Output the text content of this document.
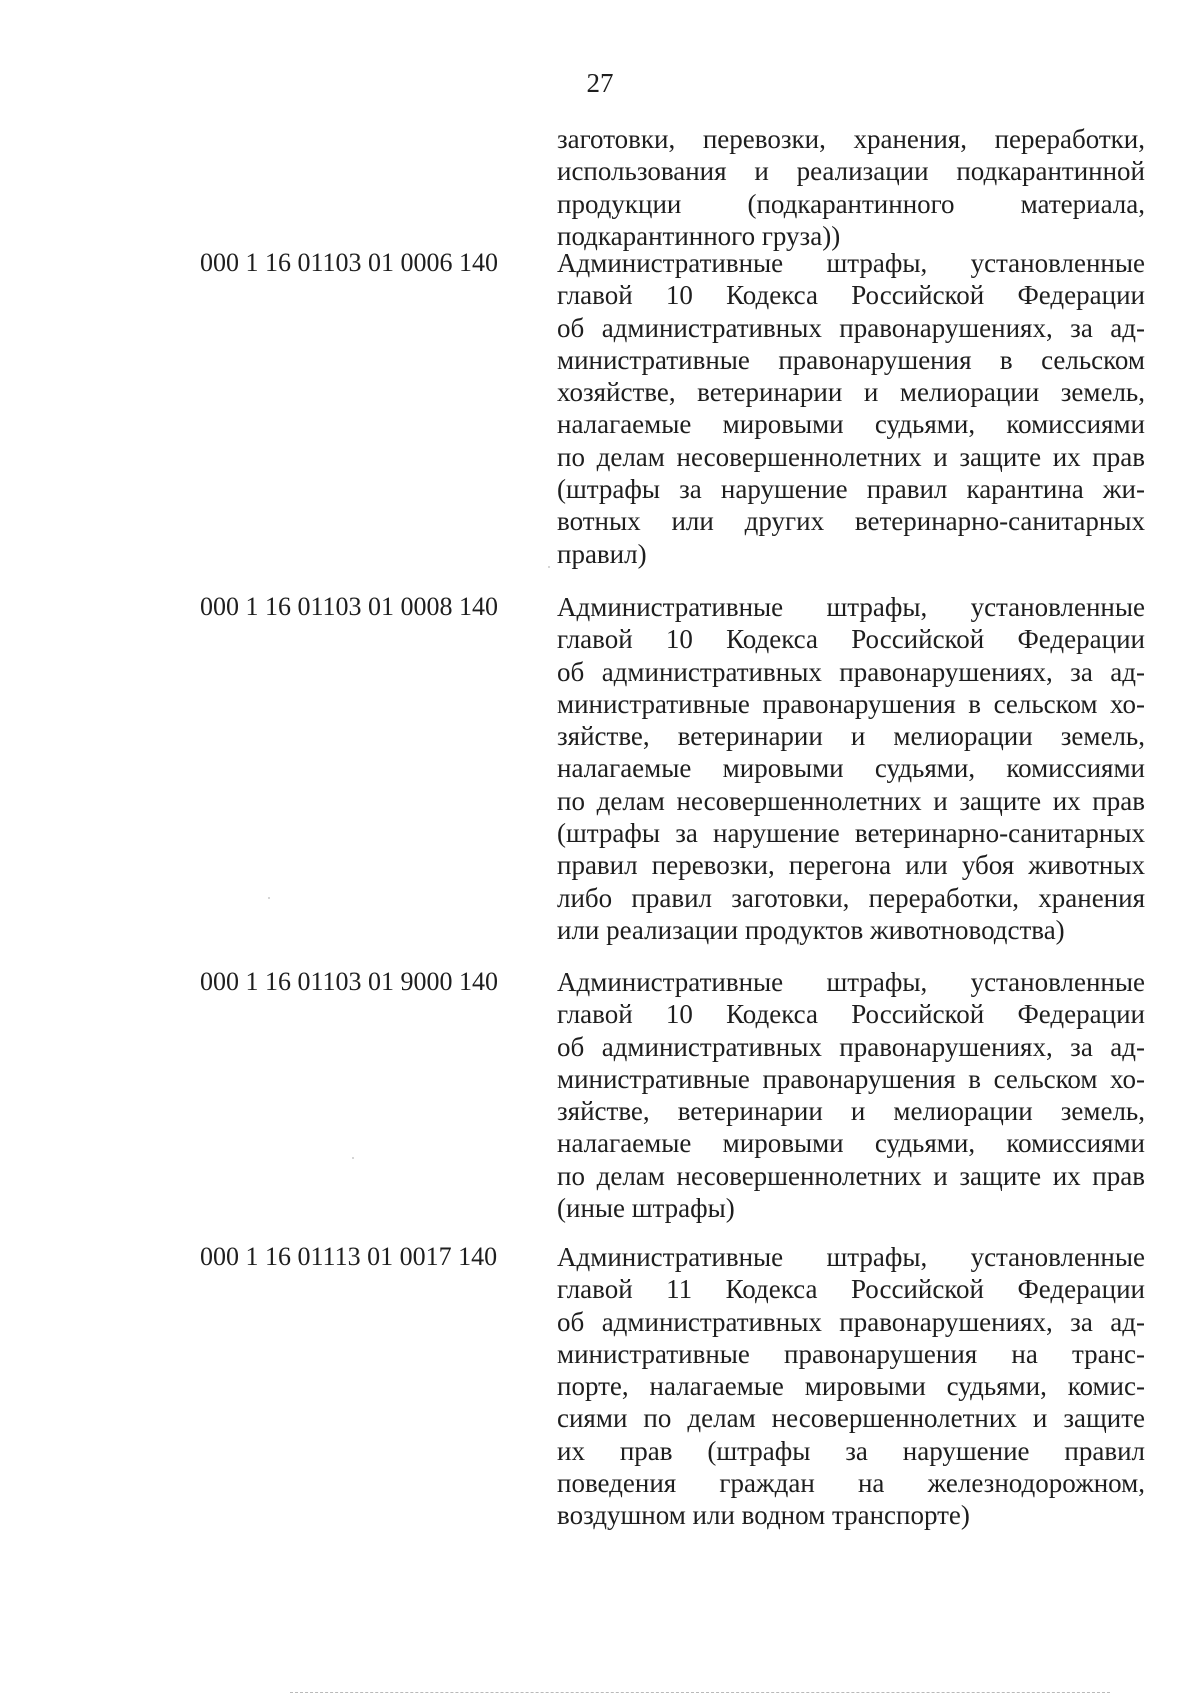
27
заготовки, перевозки, хранения, переработки,
использования и реализации подкарантинной
продукции (подкарантинного материала,
подкарантинного груза))
000 1 16 01103 01 0006 140	Административные штрафы, установленные
главой 10 Кодекса Российской Федерации
об административных правонарушениях, за ад-
министративные правонарушения в сельском
хозяйстве, ветеринарии и мелиорации земель,
налагаемые мировыми судьями, комиссиями
по делам несовершеннолетних и защите их прав
(штрафы за нарушение правил карантина жи-
вотных или других ветеринарно-санитарных
правил)
000 1 16 01103 01 0008 140	Административные штрафы, установленные
главой 10 Кодекса Российской Федерации
об административных правонарушениях, за ад-
министративные правонарушения в сельском хо-
зяйстве, ветеринарии и мелиорации земель,
налагаемые мировыми судьями, комиссиями
по делам несовершеннолетних и защите их прав
(штрафы за нарушение ветеринарно-санитарных
правил перевозки, перегона или убоя животных
либо правил заготовки, переработки, хранения
или реализации продуктов животноводства)
000 1 16 01103 01 9000 140	Административные штрафы, установленные
главой 10 Кодекса Российской Федерации
об административных правонарушениях, за ад-
министративные правонарушения в сельском хо-
зяйстве, ветеринарии и мелиорации земель,
налагаемые мировыми судьями, комиссиями
по делам несовершеннолетних и защите их прав
(иные штрафы)
000 1 16 01113 01 0017 140	Административные штрафы, установленные
главой 11 Кодекса Российской Федерации
об административных правонарушениях, за ад-
министративные правонарушения на транс-
порте, налагаемые мировыми судьями, комис-
сиями по делам несовершеннолетних и защите
их прав (штрафы за нарушение правил
поведения граждан на железнодорожном,
воздушном или водном транспорте)
